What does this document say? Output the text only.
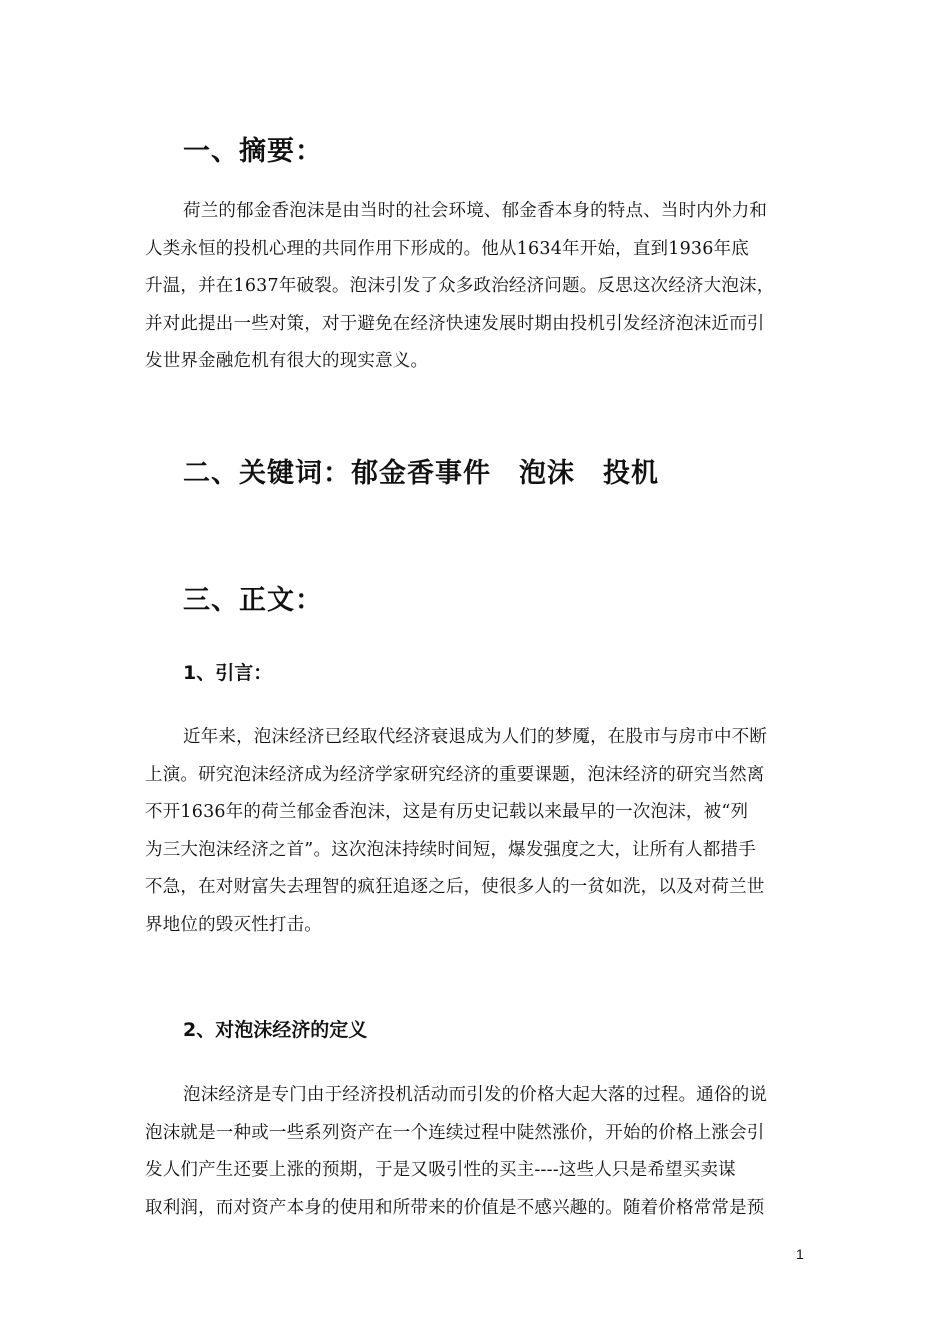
一、摘要：
荷兰的郁金香泡沫是由当时的社会环境、郁金香本身的特点、当时内外力和
人类永恒的投机心理的共同作用下形成的。他从1634年开始，直到1936年底
升温，并在1637年破裂。泡沫引发了众多政治经济问题。反思这次经济大泡沫，
并对此提出一些对策，对于避免在经济快速发展时期由投机引发经济泡沫近而引
发世界金融危机有很大的现实意义。
二、关键词：郁金香事件　泡沫　投机
三、正文：
1、引言：
近年来，泡沫经济已经取代经济衰退成为人们的梦魇，在股市与房市中不断
上演。研究泡沫经济成为经济学家研究经济的重要课题，泡沫经济的研究当然离
不开1636年的荷兰郁金香泡沫，这是有历史记载以来最早的一次泡沫，被“列
为三大泡沫经济之首”。这次泡沫持续时间短，爆发强度之大，让所有人都措手
不急，在对财富失去理智的疯狂追逐之后，使很多人的一贫如洗，以及对荷兰世
界地位的毁灭性打击。
2、对泡沫经济的定义
泡沫经济是专门由于经济投机活动而引发的价格大起大落的过程。通俗的说
泡沫就是一种或一些系列资产在一个连续过程中陡然涨价，开始的价格上涨会引
发人们产生还要上涨的预期，于是又吸引性的买主----这些人只是希望买卖谋
取利润，而对资产本身的使用和所带来的价值是不感兴趣的。随着价格常常是预
1
